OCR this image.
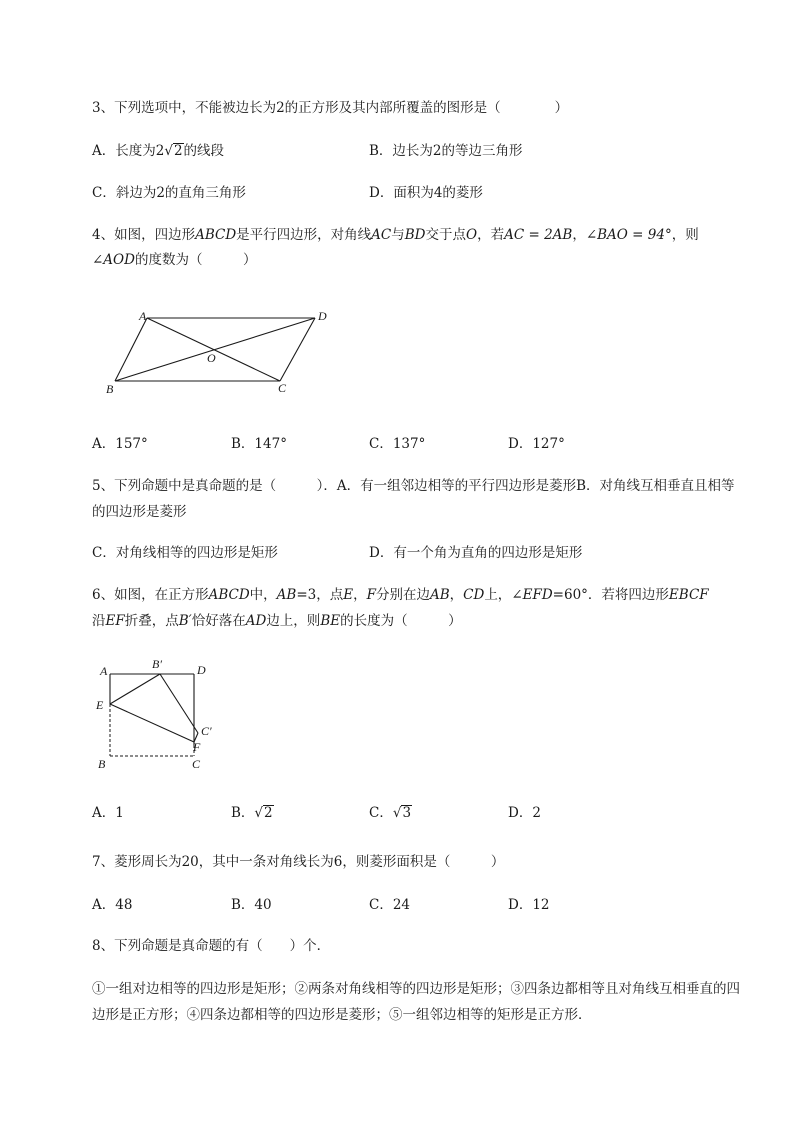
3、下列选项中，不能被边长为2的正方形及其内部所覆盖的图形是（　　　　）
A．长度为2√2的线段	B．边长为2的等边三角形
C．斜边为2的直角三角形	D．面积为4的菱形
4、如图，四边形ABCD是平行四边形，对角线AC与BD交于点O，若AC = 2AB，∠BAO = 94°，则
∠AOD的度数为（　　　）
A	D
O
B	C
A．157°	B．147°	C．137°	D．127°
5、下列命题中是真命题的是（　　　）．A．有一组邻边相等的平行四边形是菱形B．对角线互相垂直且相等的四边形是菱形
C．对角线相等的四边形是矩形	D．有一个角为直角的四边形是矩形
6、如图，在正方形ABCD中，AB=3，点E，F分别在边AB，CD上，∠EFD=60°．若将四边形EBCF
沿EF折叠，点B′恰好落在AD边上，则BE的长度为（　　　）
A	B′	D
E
C′
F
B	C
A．1	B．√2	C．√3	D．2
7、菱形周长为20，其中一条对角线长为6，则菱形面积是（　　　）
A．48	B．40	C．24	D．12
8、下列命题是真命题的有（　　）个．
①一组对边相等的四边形是矩形；②两条对角线相等的四边形是矩形；③四条边都相等且对角线互相垂直的四边形是正方形；④四条边都相等的四边形是菱形；⑤一组邻边相等的矩形是正方形．
